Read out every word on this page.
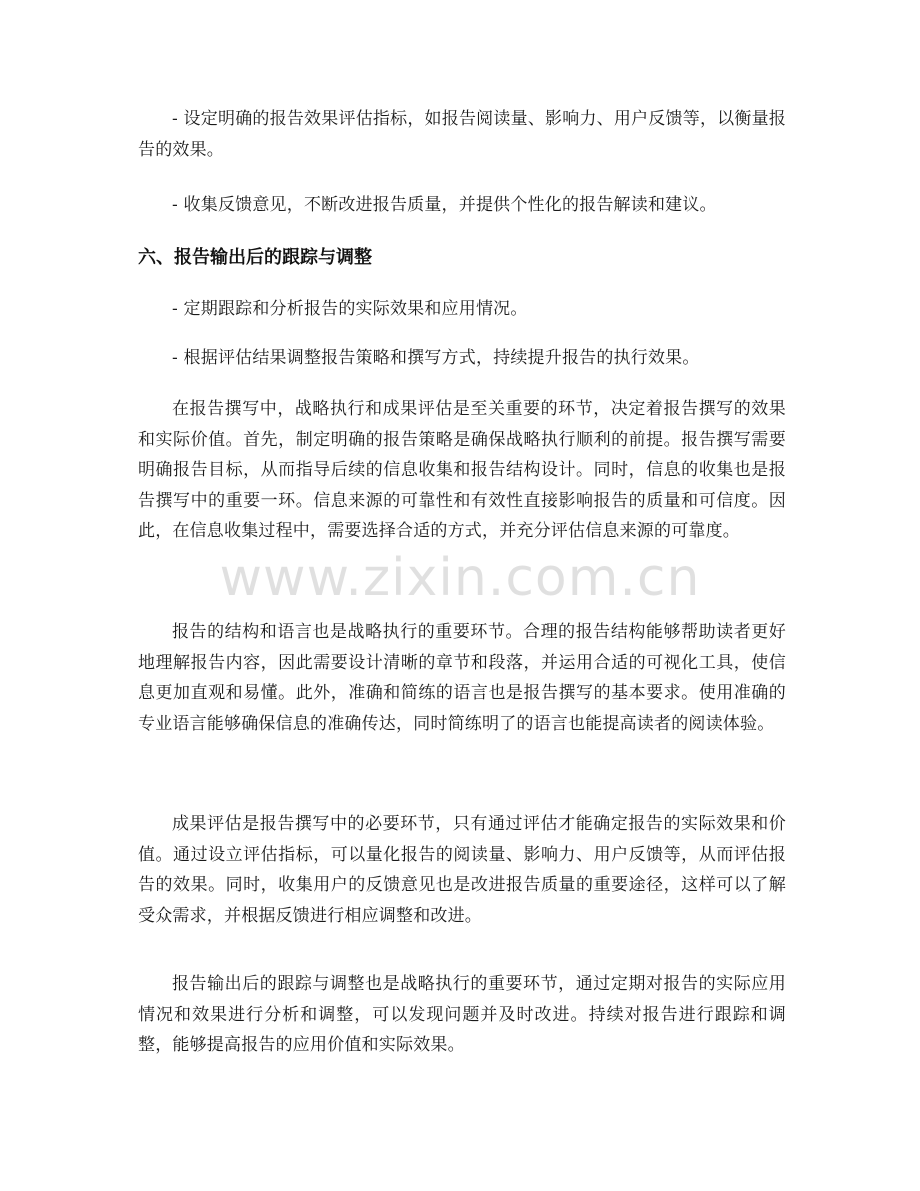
- 设定明确的报告效果评估指标，如报告阅读量、影响力、用户反馈等，以衡量报告的效果。

- 收集反馈意见，不断改进报告质量，并提供个性化的报告解读和建议。

六、报告输出后的跟踪与调整

- 定期跟踪和分析报告的实际效果和应用情况。

- 根据评估结果调整报告策略和撰写方式，持续提升报告的执行效果。

在报告撰写中，战略执行和成果评估是至关重要的环节，决定着报告撰写的效果和实际价值。首先，制定明确的报告策略是确保战略执行顺利的前提。报告撰写需要明确报告目标，从而指导后续的信息收集和报告结构设计。同时，信息的收集也是报告撰写中的重要一环。信息来源的可靠性和有效性直接影响报告的质量和可信度。因此，在信息收集过程中，需要选择合适的方式，并充分评估信息来源的可靠度。

报告的结构和语言也是战略执行的重要环节。合理的报告结构能够帮助读者更好地理解报告内容，因此需要设计清晰的章节和段落，并运用合适的可视化工具，使信息更加直观和易懂。此外，准确和简练的语言也是报告撰写的基本要求。使用准确的专业语言能够确保信息的准确传达，同时简练明了的语言也能提高读者的阅读体验。

成果评估是报告撰写中的必要环节，只有通过评估才能确定报告的实际效果和价值。通过设立评估指标，可以量化报告的阅读量、影响力、用户反馈等，从而评估报告的效果。同时，收集用户的反馈意见也是改进报告质量的重要途径，这样可以了解受众需求，并根据反馈进行相应调整和改进。

报告输出后的跟踪与调整也是战略执行的重要环节，通过定期对报告的实际应用情况和效果进行分析和调整，可以发现问题并及时改进。持续对报告进行跟踪和调整，能够提高报告的应用价值和实际效果。

www.zixin.com.cn
